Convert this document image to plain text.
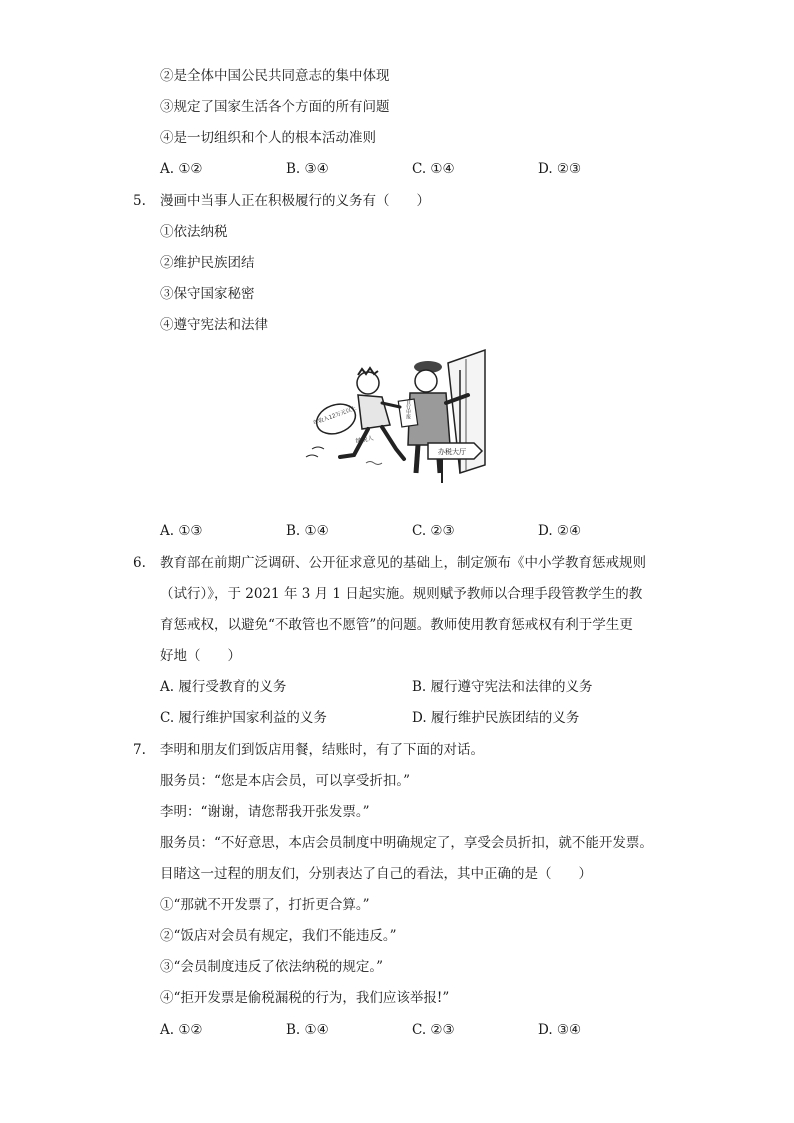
②是全体中国公民共同意志的集中体现
③规定了国家生活各个方面的所有问题
④是一切组织和个人的根本活动准则
A. ①②	B. ③④	C. ①④	D. ②③
5. 漫画中当事人正在积极履行的义务有（　　）
①依法纳税
②维护民族团结
③保守国家秘密
④遵守宪法和法律
自行申报
年收入12万元以上
纳税人
办税大厅
A. ①③	B. ①④	C. ②③	D. ②④
6. 教育部在前期广泛调研、公开征求意见的基础上，制定颁布《中小学教育惩戒规则
（试行）》，于 2021 年 3 月 1 日起实施。规则赋予教师以合理手段管教学生的教
育惩戒权，以避免“不敢管也不愿管”的问题。教师使用教育惩戒权有利于学生更
好地（　　）
A. 履行受教育的义务	B. 履行遵守宪法和法律的义务
C. 履行维护国家利益的义务	D. 履行维护民族团结的义务
7. 李明和朋友们到饭店用餐，结账时，有了下面的对话。
服务员：“您是本店会员，可以享受折扣。”
李明：“谢谢，请您帮我开张发票。”
服务员：“不好意思，本店会员制度中明确规定了，享受会员折扣，就不能开发票。
目睹这一过程的朋友们，分别表达了自己的看法，其中正确的是（　　）
①“那就不开发票了，打折更合算。”
②“饭店对会员有规定，我们不能违反。”
③“会员制度违反了依法纳税的规定。”
④“拒开发票是偷税漏税的行为，我们应该举报!”
A. ①②	B. ①④	C. ②③	D. ③④
